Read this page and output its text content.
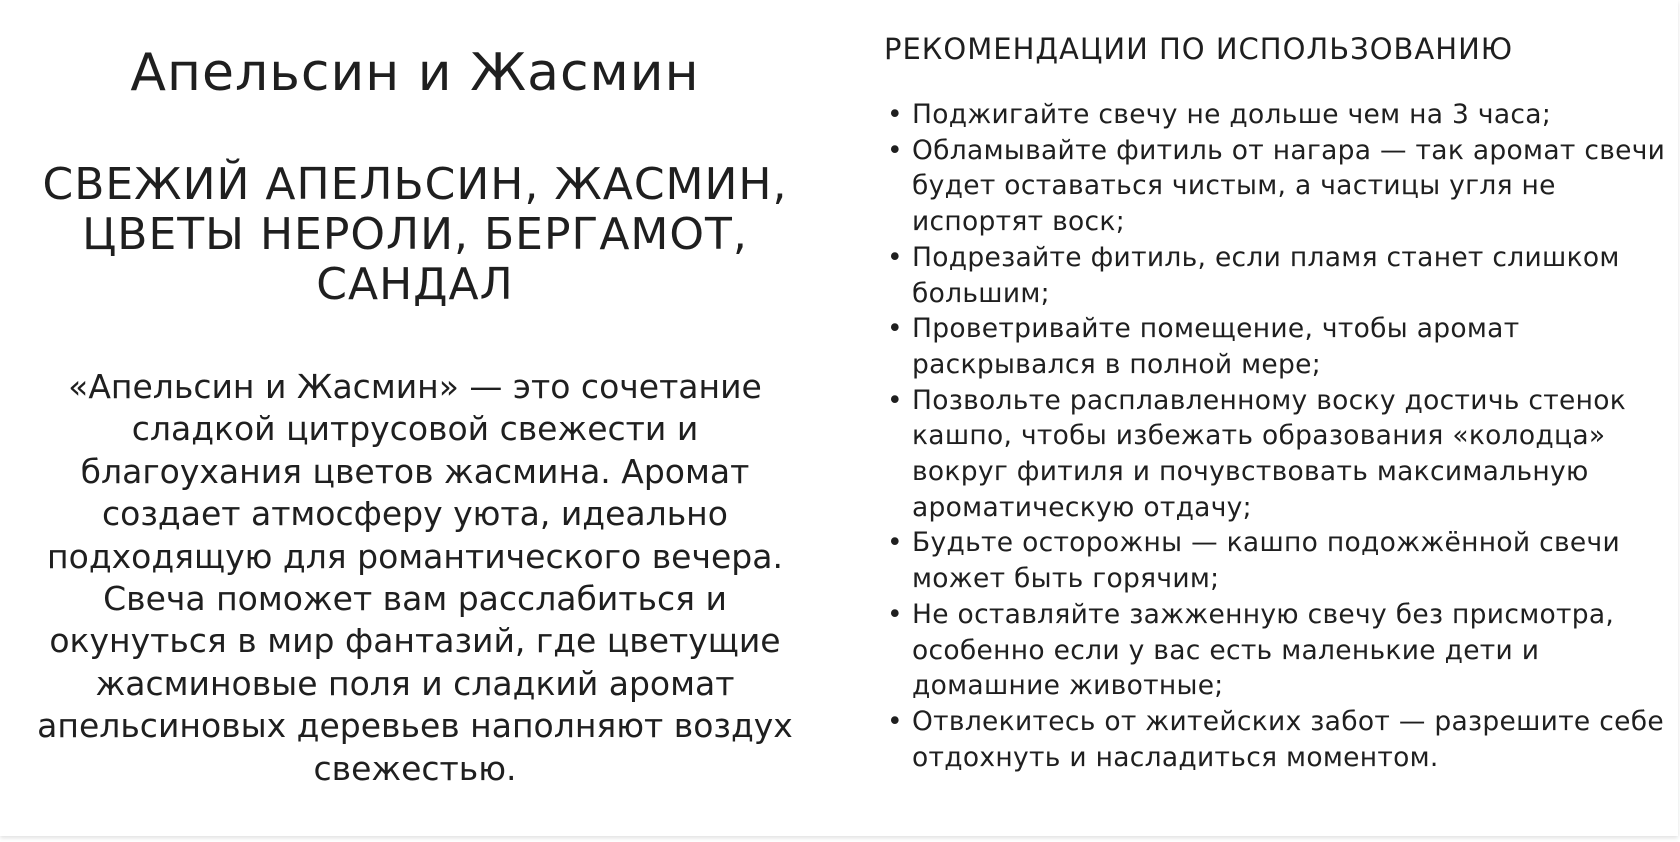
Апельсин и Жасмин
СВЕЖИЙ АПЕЛЬСИН, ЖАСМИН, ЦВЕТЫ НЕРОЛИ, БЕРГАМОТ, САНДАЛ

«Апельсин и Жасмин» — это сочетание сладкой цитрусовой свежести и благоухания цветов жасмина. Аромат создает атмосферу уюта, идеально подходящую для романтического вечера. Свеча поможет вам расслабиться и окунуться в мир фантазий, где цветущие жасминовые поля и сладкий аромат апельсиновых деревьев наполняют воздух свежестью.

РЕКОМЕНДАЦИИ ПО ИСПОЛЬЗОВАНИЮ
• Поджигайте свечу не дольше чем на 3 часа;
• Обламывайте фитиль от нагара — так аромат свечи будет оставаться чистым, а частицы угля не испортят воск;
• Подрезайте фитиль, если пламя станет слишком большим;
• Проветривайте помещение, чтобы аромат раскрывался в полной мере;
• Позвольте расплавленному воску достичь стенок кашпо, чтобы избежать образования «колодца» вокруг фитиля и почувствовать максимальную ароматическую отдачу;
• Будьте осторожны — кашпо подожжённой свечи может быть горячим;
• Не оставляйте зажженную свечу без присмотра, особенно если у вас есть маленькие дети и домашние животные;
• Отвлекитесь от житейских забот — разрешите себе отдохнуть и насладиться моментом.
